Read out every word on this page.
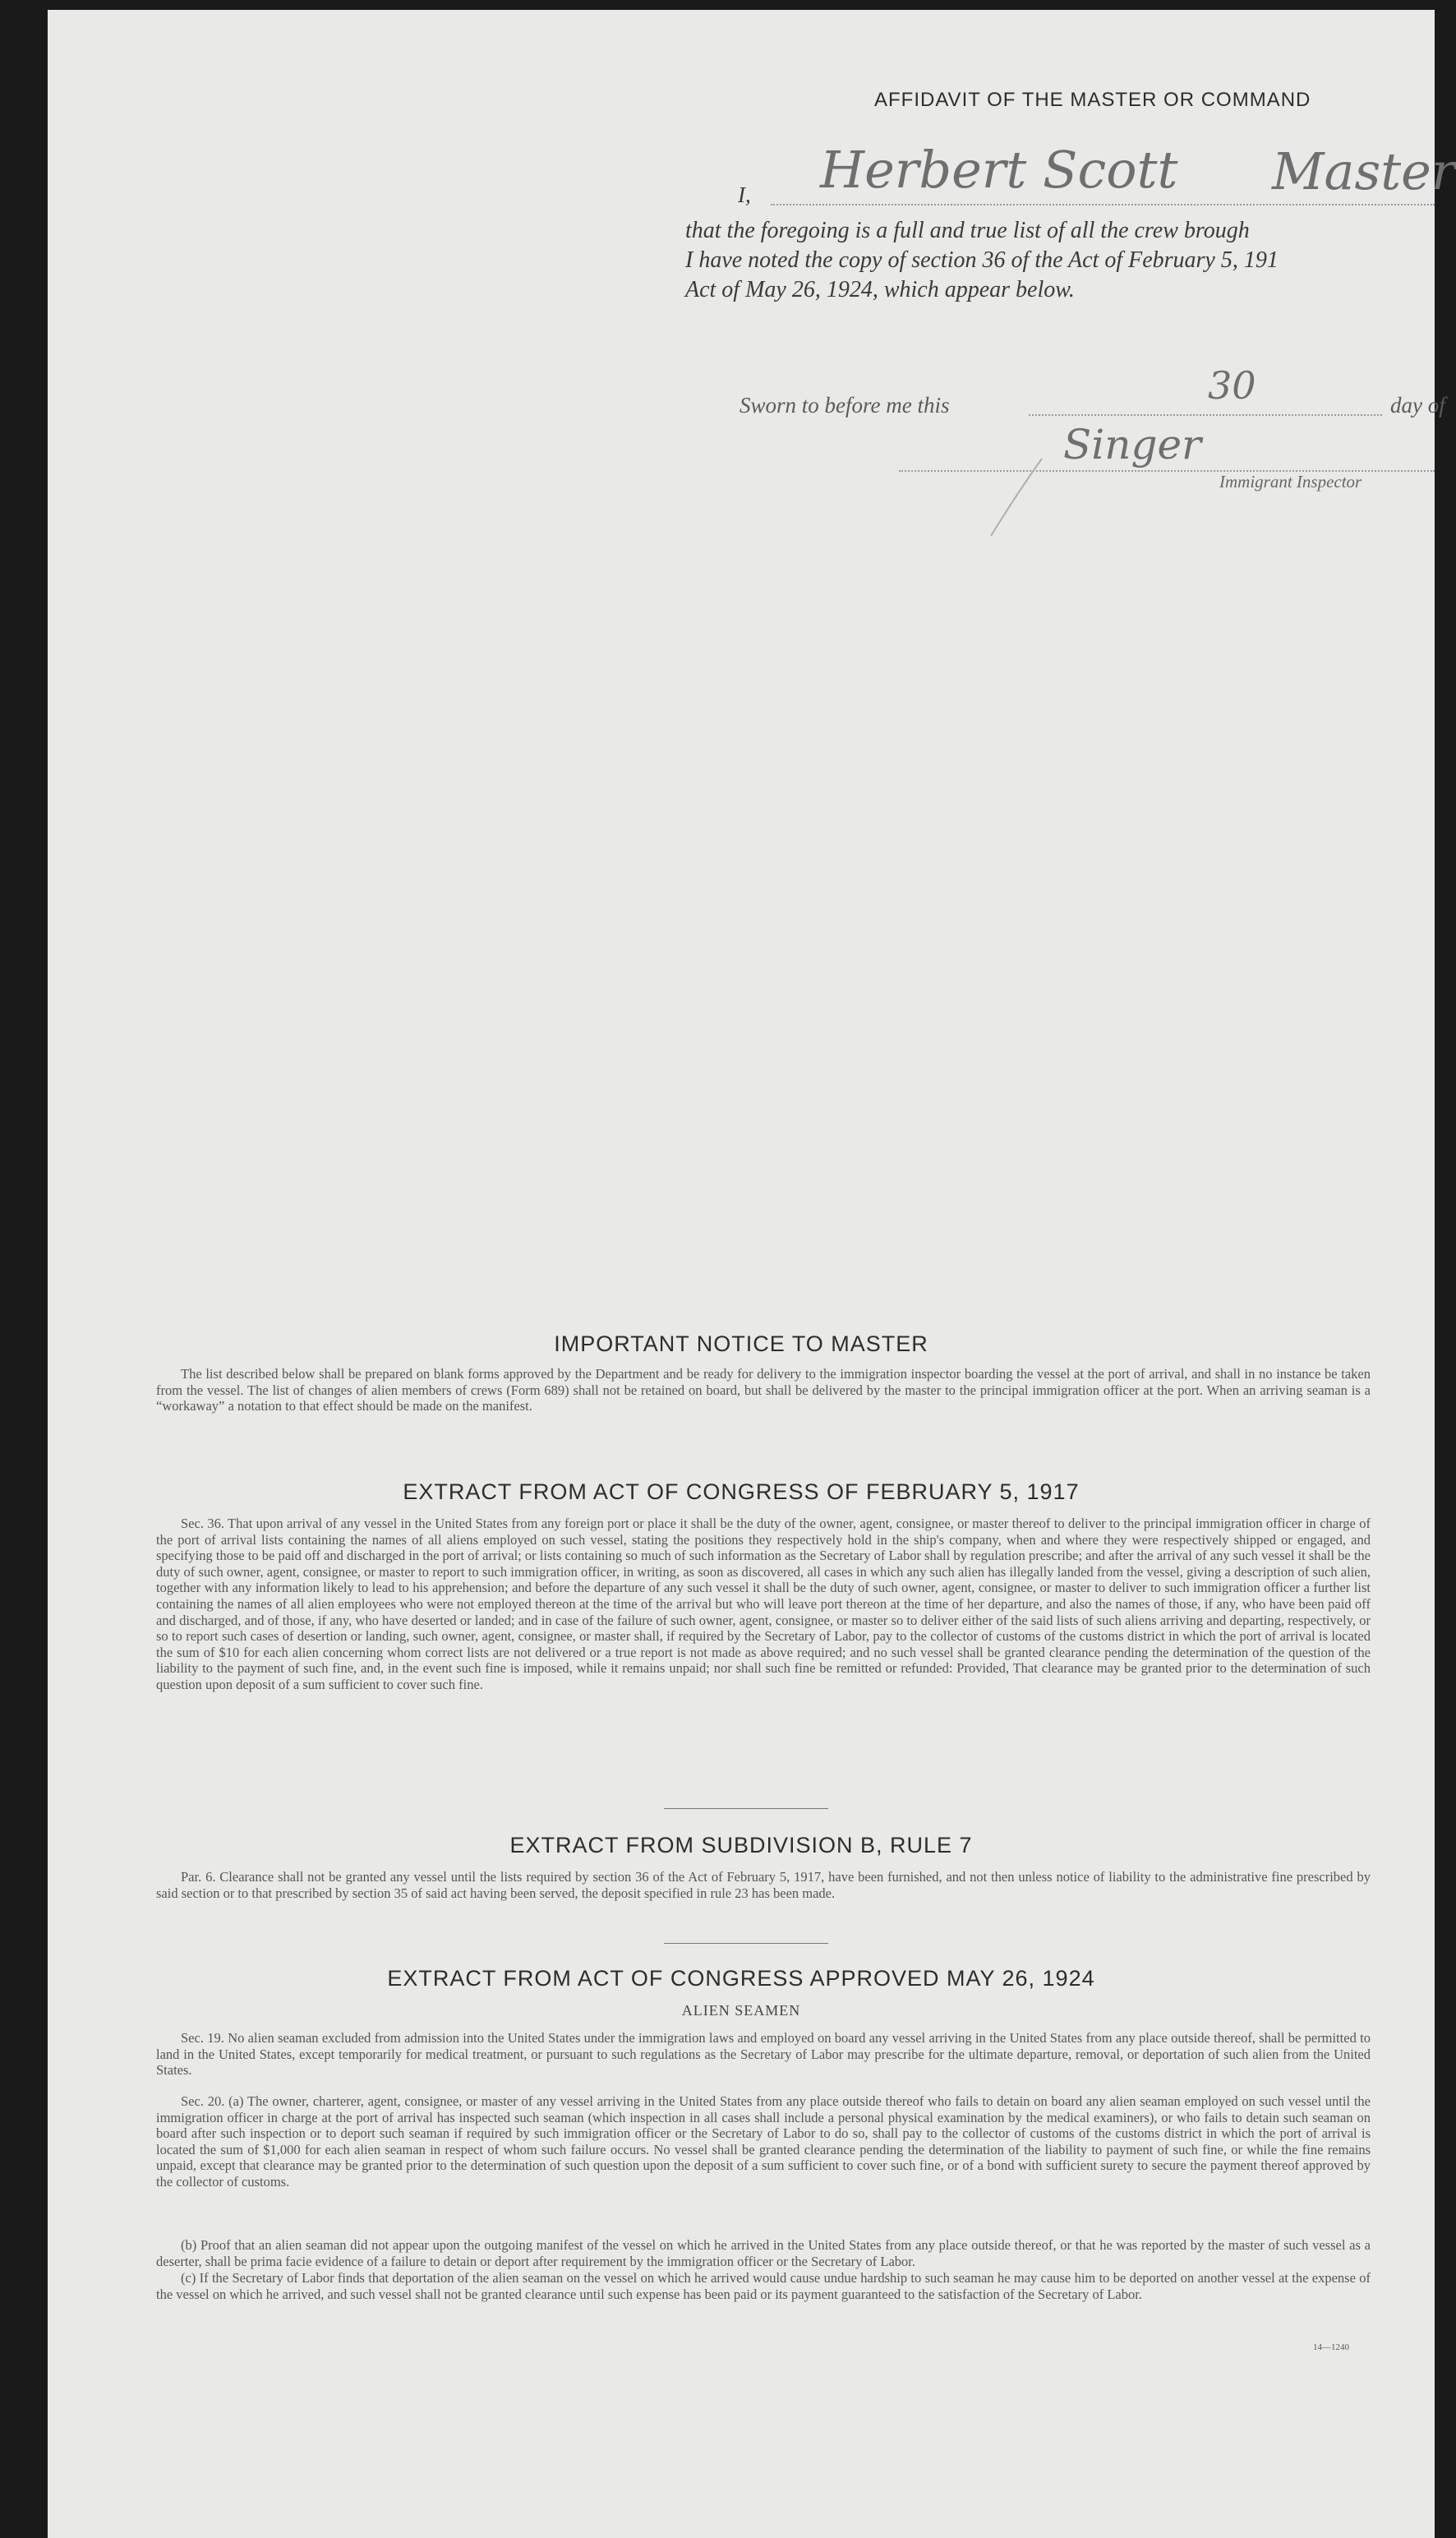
AFFIDAVIT OF THE MASTER OR COMMAND
I, Herbert Scott Master
that the foregoing is a full and true list of all the crew brough
I have noted the copy of section 36 of the Act of February 5, 191
Act of May 26, 1924, which appear below.
Sworn to before me this	30	day of
Singer
Immigrant Inspector
IMPORTANT NOTICE TO MASTER

The list described below shall be prepared on blank forms approved by the Department and be ready for delivery to the immigration inspector boarding the vessel at the port of arrival, and shall in no instance be taken from the vessel. The list of changes of alien members of crews (Form 689) shall not be retained on board, but shall be delivered by the master to the principal immigration officer at the port. When an arriving seaman is a “workaway” a notation to that effect should be made on the manifest.

EXTRACT FROM ACT OF CONGRESS OF FEBRUARY 5, 1917

Sec. 36. That upon arrival of any vessel in the United States from any foreign port or place it shall be the duty of the owner, agent, consignee, or master thereof to deliver to the principal immigration officer in charge of the port of arrival lists containing the names of all aliens employed on such vessel, stating the positions they respectively hold in the ship's company, when and where they were respectively shipped or engaged, and specifying those to be paid off and discharged in the port of arrival; or lists containing so much of such information as the Secretary of Labor shall by regulation prescribe; and after the arrival of any such vessel it shall be the duty of such owner, agent, consignee, or master to report to such immigration officer, in writing, as soon as discovered, all cases in which any such alien has illegally landed from the vessel, giving a description of such alien, together with any information likely to lead to his apprehension; and before the departure of any such vessel it shall be the duty of such owner, agent, consignee, or master to deliver to such immigration officer a further list containing the names of all alien employees who were not employed thereon at the time of the arrival but who will leave port thereon at the time of her departure, and also the names of those, if any, who have been paid off and discharged, and of those, if any, who have deserted or landed; and in case of the failure of such owner, agent, consignee, or master so to deliver either of the said lists of such aliens arriving and departing, respectively, or so to report such cases of desertion or landing, such owner, agent, consignee, or master shall, if required by the Secretary of Labor, pay to the collector of customs of the customs district in which the port of arrival is located the sum of $10 for each alien concerning whom correct lists are not delivered or a true report is not made as above required; and no such vessel shall be granted clearance pending the determination of the question of the liability to the payment of such fine, and, in the event such fine is imposed, while it remains unpaid; nor shall such fine be remitted or refunded: Provided, That clearance may be granted prior to the determination of such question upon deposit of a sum sufficient to cover such fine.

EXTRACT FROM SUBDIVISION B, RULE 7

Par. 6. Clearance shall not be granted any vessel until the lists required by section 36 of the Act of February 5, 1917, have been furnished, and not then unless notice of liability to the administrative fine prescribed by said section or to that prescribed by section 35 of said act having been served, the deposit specified in rule 23 has been made.

EXTRACT FROM ACT OF CONGRESS APPROVED MAY 26, 1924
ALIEN SEAMEN

Sec. 19. No alien seaman excluded from admission into the United States under the immigration laws and employed on board any vessel arriving in the United States from any place outside thereof, shall be permitted to land in the United States, except temporarily for medical treatment, or pursuant to such regulations as the Secretary of Labor may prescribe for the ultimate departure, removal, or deportation of such alien from the United States.

Sec. 20. (a) The owner, charterer, agent, consignee, or master of any vessel arriving in the United States from any place outside thereof who fails to detain on board any alien seaman employed on such vessel until the immigration officer in charge at the port of arrival has inspected such seaman (which inspection in all cases shall include a personal physical examination by the medical examiners), or who fails to detain such seaman on board after such inspection or to deport such seaman if required by such immigration officer or the Secretary of Labor to do so, shall pay to the collector of customs of the customs district in which the port of arrival is located the sum of $1,000 for each alien seaman in respect of whom such failure occurs. No vessel shall be granted clearance pending the determination of the liability to payment of such fine, or while the fine remains unpaid, except that clearance may be granted prior to the determination of such question upon the deposit of a sum sufficient to cover such fine, or of a bond with sufficient surety to secure the payment thereof approved by the collector of customs.

(b) Proof that an alien seaman did not appear upon the outgoing manifest of the vessel on which he arrived in the United States from any place outside thereof, or that he was reported by the master of such vessel as a deserter, shall be prima facie evidence of a failure to detain or deport after requirement by the immigration officer or the Secretary of Labor.

(c) If the Secretary of Labor finds that deportation of the alien seaman on the vessel on which he arrived would cause undue hardship to such seaman he may cause him to be deported on another vessel at the expense of the vessel on which he arrived, and such vessel shall not be granted clearance until such expense has been paid or its payment guaranteed to the satisfaction of the Secretary of Labor.

14—1240
